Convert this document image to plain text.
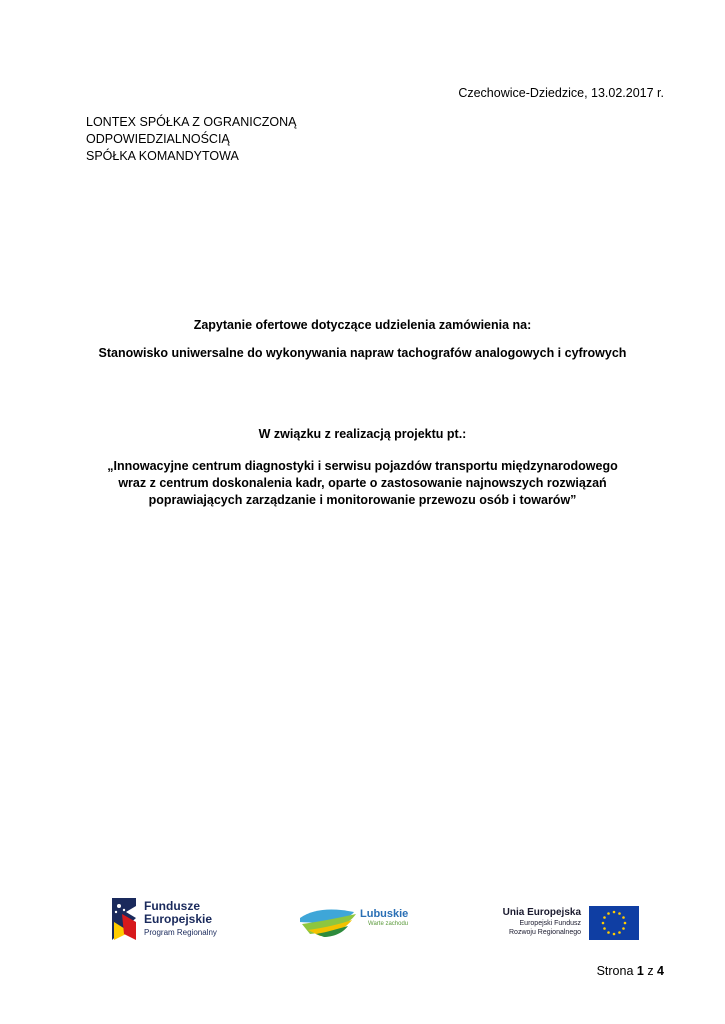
Czechowice-Dziedzice, 13.02.2017 r.
LONTEX SPÓŁKA Z OGRANICZONĄ
ODPOWIEDZIALNOŚCIĄ
SPÓŁKA KOMANDYTOWA
Zapytanie ofertowe dotyczące udzielenia zamówienia na:
Stanowisko uniwersalne do wykonywania napraw tachografów analogowych i cyfrowych
W związku z realizacją projektu pt.:
„Innowacyjne centrum diagnostyki i serwisu pojazdów transportu międzynarodowego
wraz z centrum doskonalenia kadr, oparte o zastosowanie najnowszych rozwiązań
poprawiających zarządzanie i monitorowanie przewozu osób i towarów”
Fundusze
Europejskie
Program Regionalny
Lubuskie
Warte zachodu
Unia Europejska
Europejski Fundusz
Rozwoju Regionalnego
Strona 1 z 4
